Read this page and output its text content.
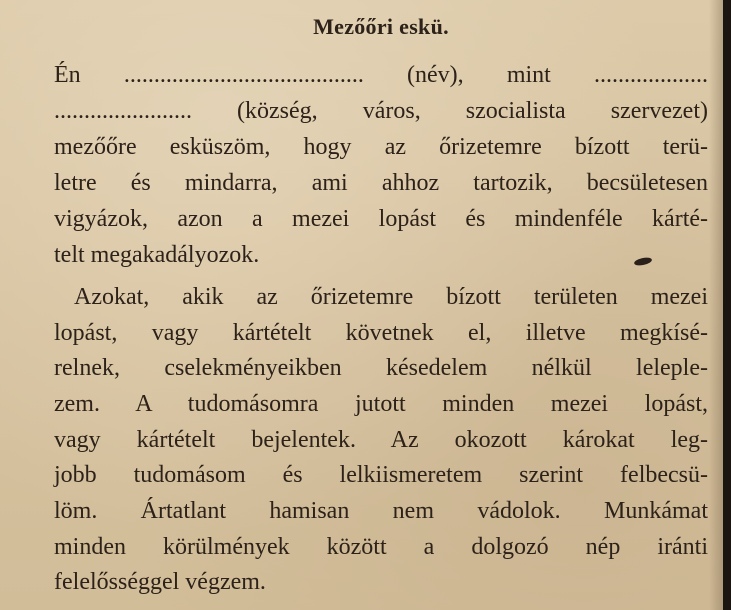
Mezőőri eskü.
Én ........................................ (név), mint ...................
....................... (község, város, szocialista szervezet)
mezőőre esküszöm, hogy az őrizetemre bízott terü-
letre és mindarra, ami ahhoz tartozik, becsületesen
vigyázok, azon a mezei lopást és mindenféle kárté-
telt megakadályozok.
Azokat, akik az őrizetemre bízott területen mezei
lopást, vagy kártételt követnek el, illetve megkísé-
relnek, cselekményeikben késedelem nélkül leleple-
zem. A tudomásomra jutott minden mezei lopást,
vagy kártételt bejelentek. Az okozott károkat leg-
jobb tudomásom és lelkiismeretem szerint felbecsü-
löm. Ártatlant hamisan nem vádolok. Munkámat
minden körülmények között a dolgozó nép iránti
felelősséggel végzem.
